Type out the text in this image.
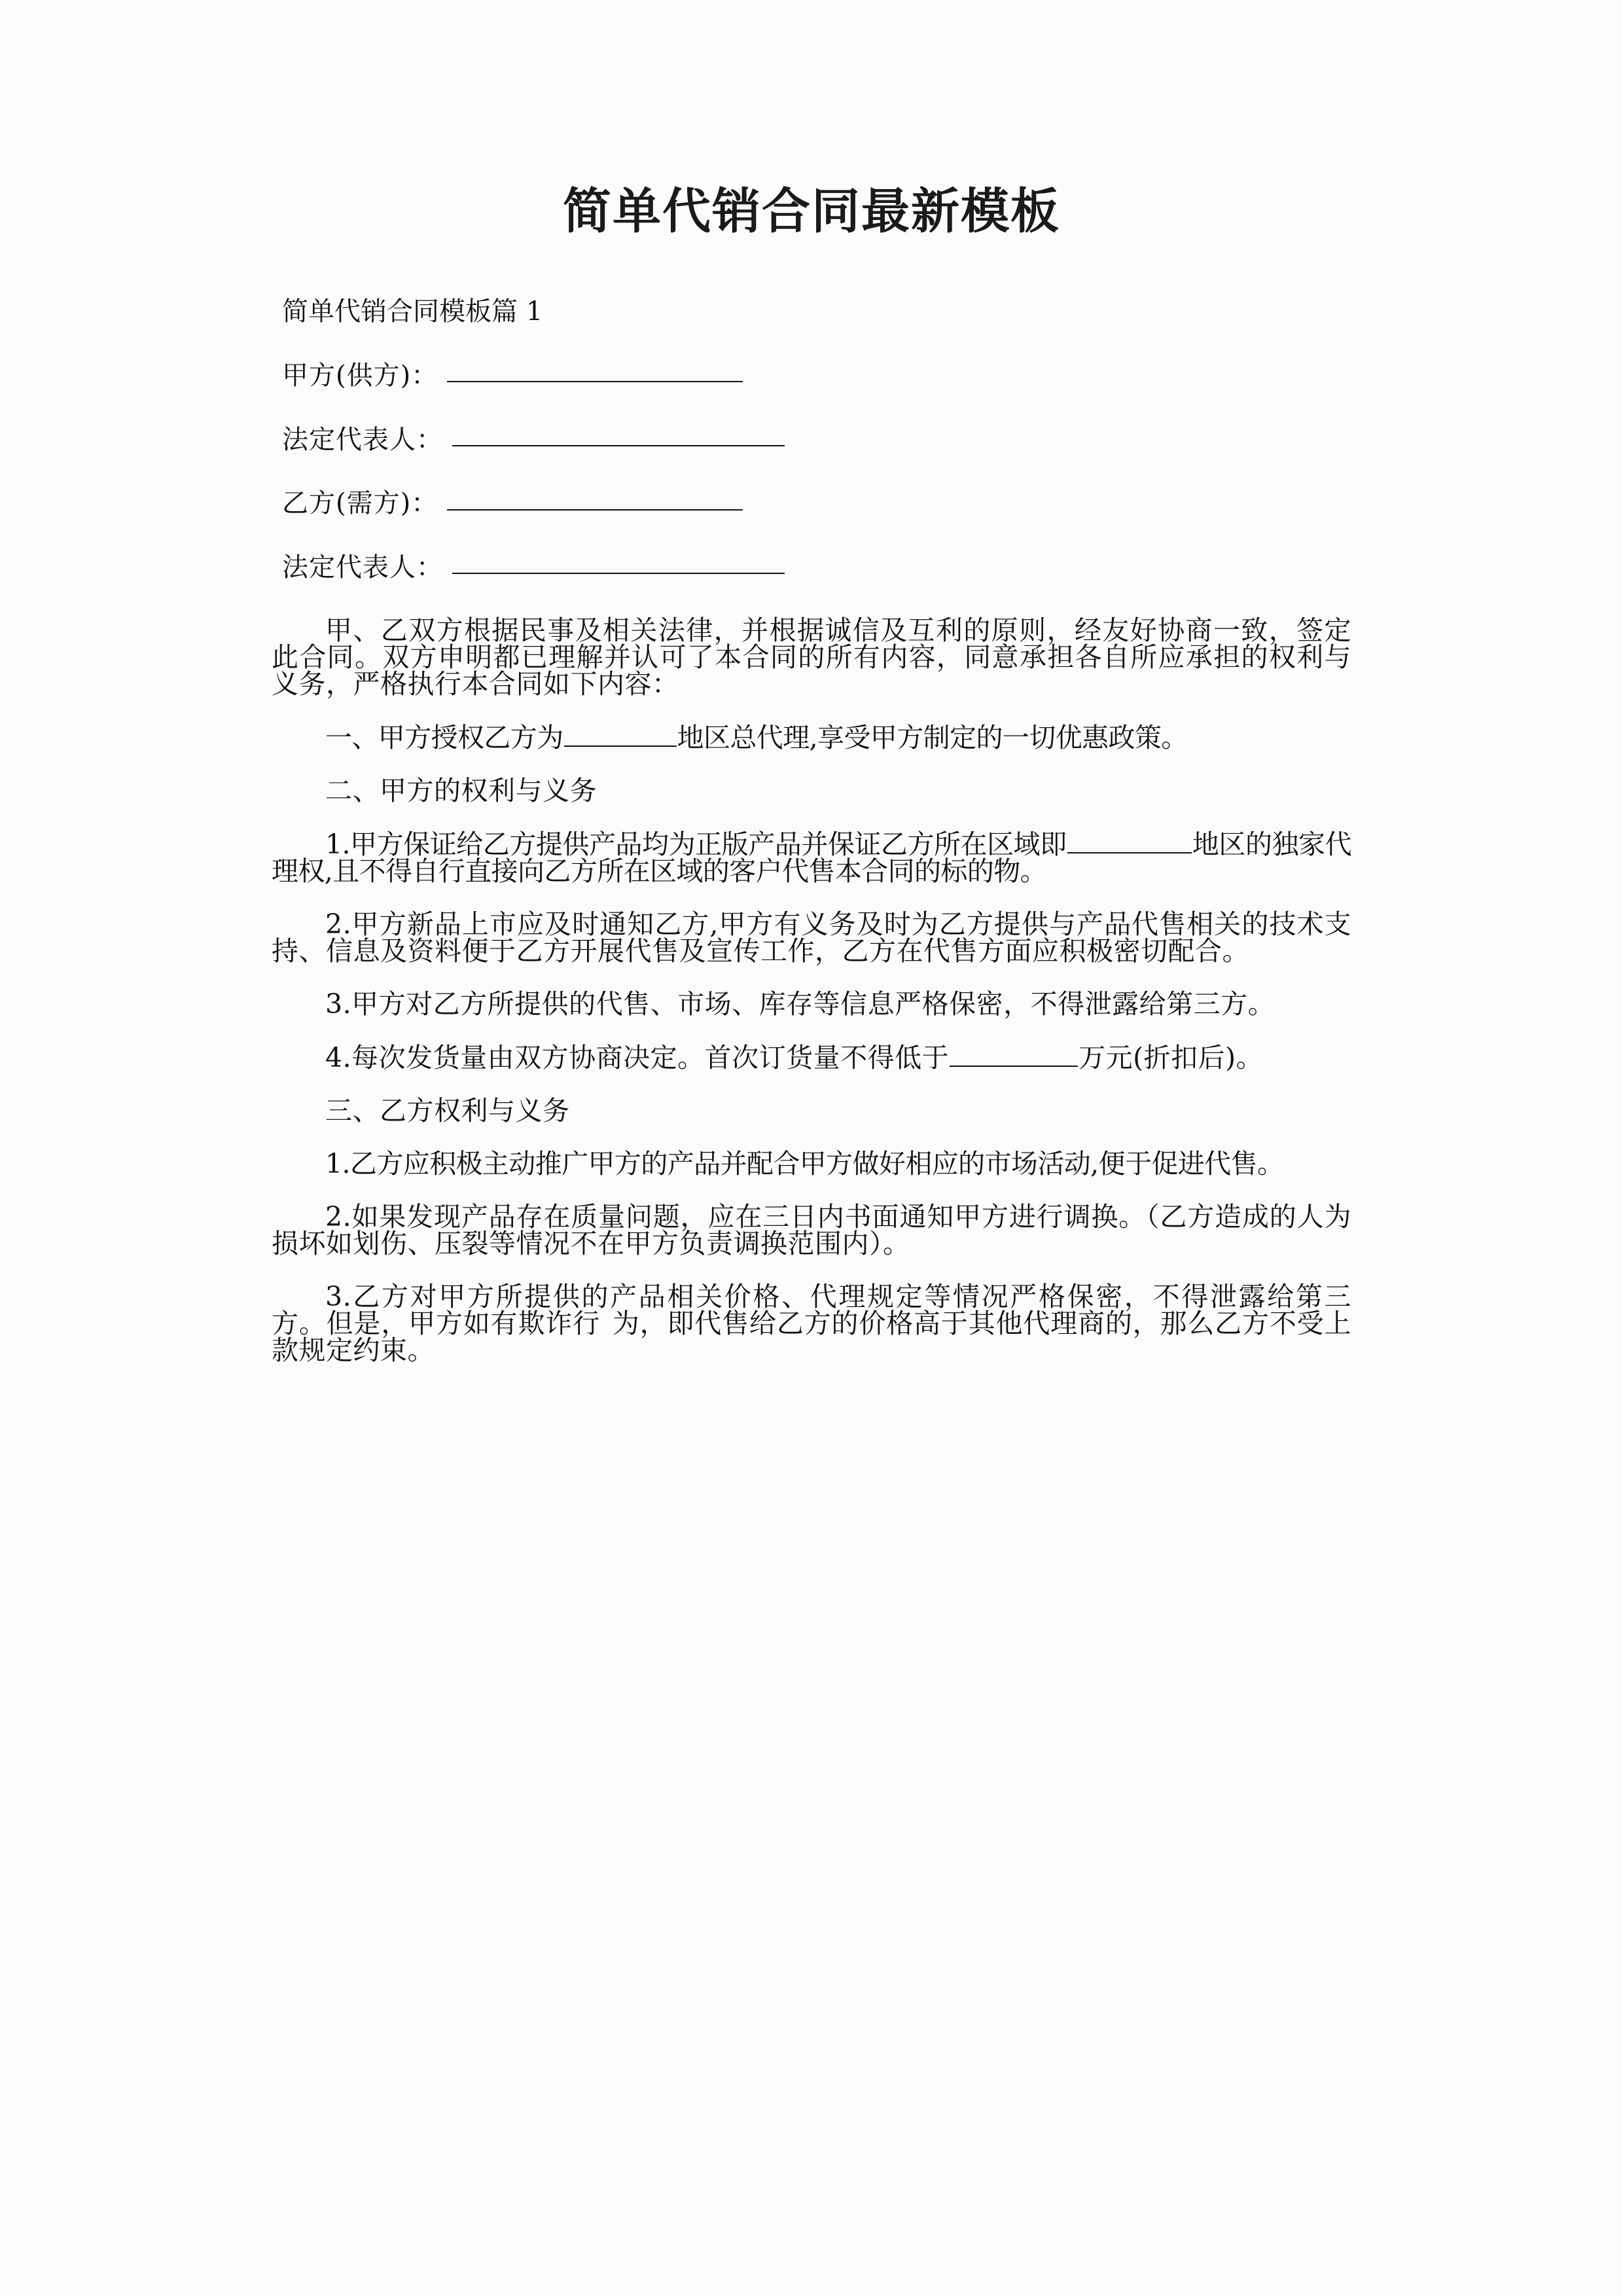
简单代销合同最新模板
简单代销合同模板篇 1
甲方(供方)：
法定代表人：
乙方(需方)：
法定代表人：

甲、乙双方根据民事及相关法律，并根据诚信及互利的原则，经友好协商一致，签定此合同。双方申明都已理解并认可了本合同的所有内容，同意承担各自所应承担的权利与义务，严格执行本合同如下内容：

一、甲方授权乙方为	地区总代理,享受甲方制定的一切优惠政策。

二、甲方的权利与义务

1.甲方保证给乙方提供产品均为正版产品并保证乙方所在区域即	地区的独家代理权,且不得自行直接向乙方所在区域的客户代售本合同的标的物。

2.甲方新品上市应及时通知乙方,甲方有义务及时为乙方提供与产品代售相关的技术支持、信息及资料便于乙方开展代售及宣传工作，乙方在代售方面应积极密切配合。

3.甲方对乙方所提供的代售、市场、库存等信息严格保密，不得泄露给第三方。

4.每次发货量由双方协商决定。首次订货量不得低于	万元(折扣后)。

三、乙方权利与义务

1.乙方应积极主动推广甲方的产品并配合甲方做好相应的市场活动,便于促进代售。

2.如果发现产品存在质量问题，应在三日内书面通知甲方进行调换。（乙方造成的人为损坏如划伤、压裂等情况不在甲方负责调换范围内）。

3.乙方对甲方所提供的产品相关价格、代理规定等情况严格保密，不得泄露给第三方。但是，甲方如有欺诈行 为，即代售给乙方的价格高于其他代理商的，那么乙方不受上款规定约束。
